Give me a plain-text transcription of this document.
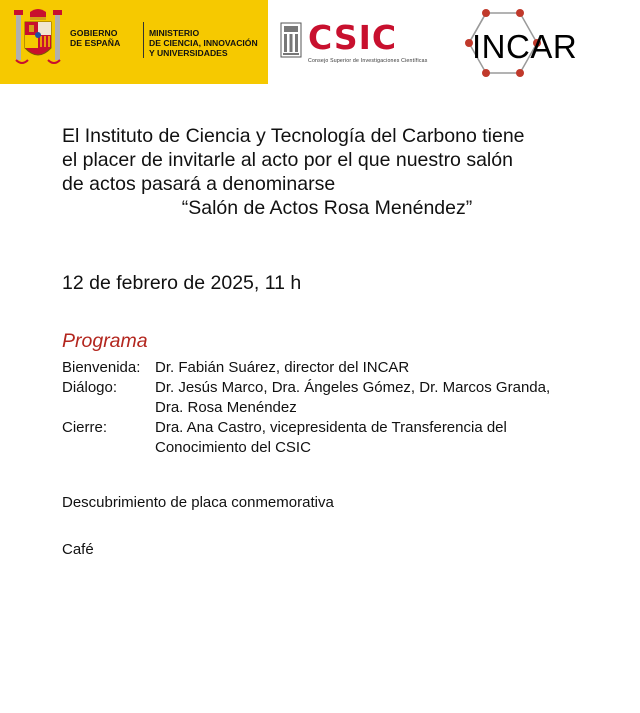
GOBIERNO
DE ESPAÑA
MINISTERIO
DE CIENCIA, INNOVACIÓN
Y UNIVERSIDADES	CSIC
Consejo Superior de Investigaciones Científicas INCAR

El Instituto de Ciencia y Tecnología del Carbono tiene

el placer de invitarle al acto por el que nuestro salón

de actos pasará a denominarse

“Salón de Actos Rosa Menéndez”

12 de febrero de 2025, 11 h
Programa
Bienvenida: Dr. Fabián Suárez, director del INCAR
Diálogo:	Dr. Jesús Marco, Dra. Ángeles Gómez, Dr. Marcos Granda,
Dra. Rosa Menéndez
Cierre:	Dra. Ana Castro, vicepresidenta de Transferencia del
Conocimiento del CSIC
Descubrimiento de placa conmemorativa
Café
